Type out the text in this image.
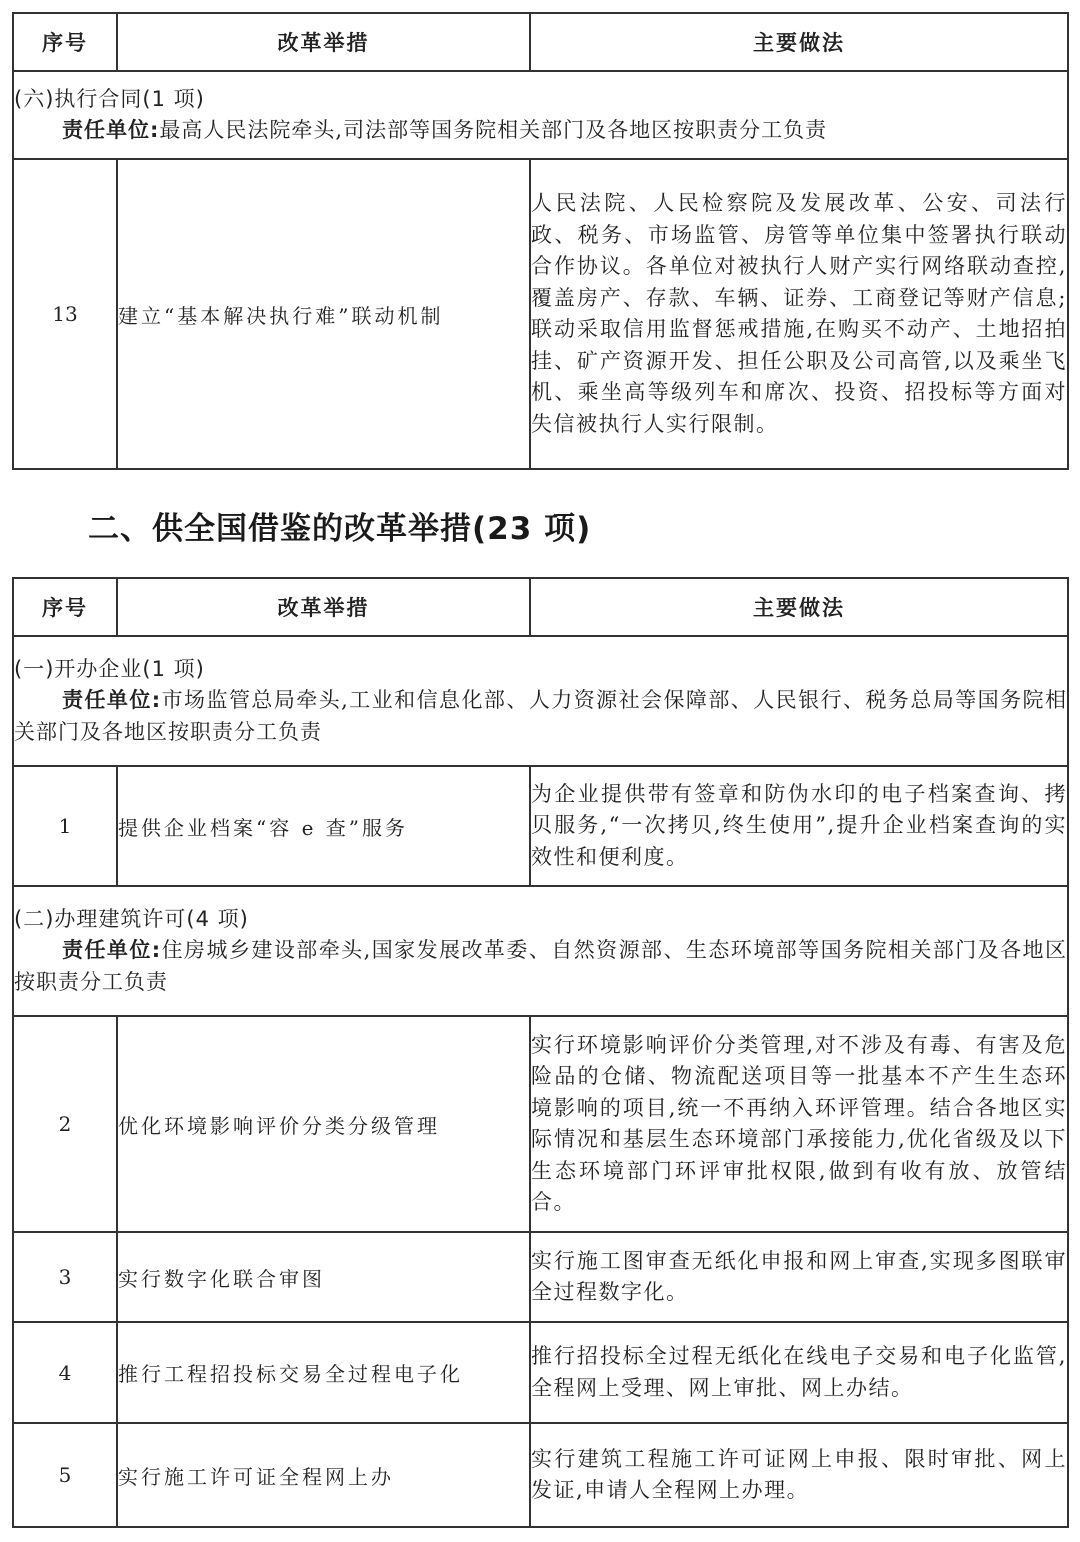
序号	改革举措	主要做法

(六)执行合同(1 项)
责任单位:最高人民法院牵头,司法部等国务院相关部门及各地区按职责分工负责		

13	建立“基本解决执行难”联动机制	人民法院、人民检察院及发展改革、公安、司法行政、税务、市场监管、房管等单位集中签署执行联动合作协议。各单位对被执行人财产实行网络联动查控,覆盖房产、存款、车辆、证券、工商登记等财产信息;联动采取信用监督惩戒措施,在购买不动产、土地招拍挂、矿产资源开发、担任公职及公司高管,以及乘坐飞机、乘坐高等级列车和席次、投资、招投标等方面对失信被执行人实行限制。
二、供全国借鉴的改革举措(23 项)
序号	改革举措	主要做法

(一)开办企业(1 项)
责任单位:市场监管总局牵头,工业和信息化部、人力资源社会保障部、人民银行、税务总局等国务院相关部门及各地区按职责分工负责		

1	提供企业档案“容 e 查”服务	为企业提供带有签章和防伪水印的电子档案查询、拷贝服务,“一次拷贝,终生使用”,提升企业档案查询的实效性和便利度。

(二)办理建筑许可(4 项)
责任单位:住房城乡建设部牵头,国家发展改革委、自然资源部、生态环境部等国务院相关部门及各地区按职责分工负责		

2	优化环境影响评价分类分级管理	实行环境影响评价分类管理,对不涉及有毒、有害及危险品的仓储、物流配送项目等一批基本不产生生态环境影响的项目,统一不再纳入环评管理。结合各地区实际情况和基层生态环境部门承接能力,优化省级及以下生态环境部门环评审批权限,做到有收有放、放管结合。
3	实行数字化联合审图	实行施工图审查无纸化申报和网上审查,实现多图联审全过程数字化。
4	推行工程招投标交易全过程电子化	推行招投标全过程无纸化在线电子交易和电子化监管,全程网上受理、网上审批、网上办结。
5	实行施工许可证全程网上办	实行建筑工程施工许可证网上申报、限时审批、网上发证,申请人全程网上办理。
